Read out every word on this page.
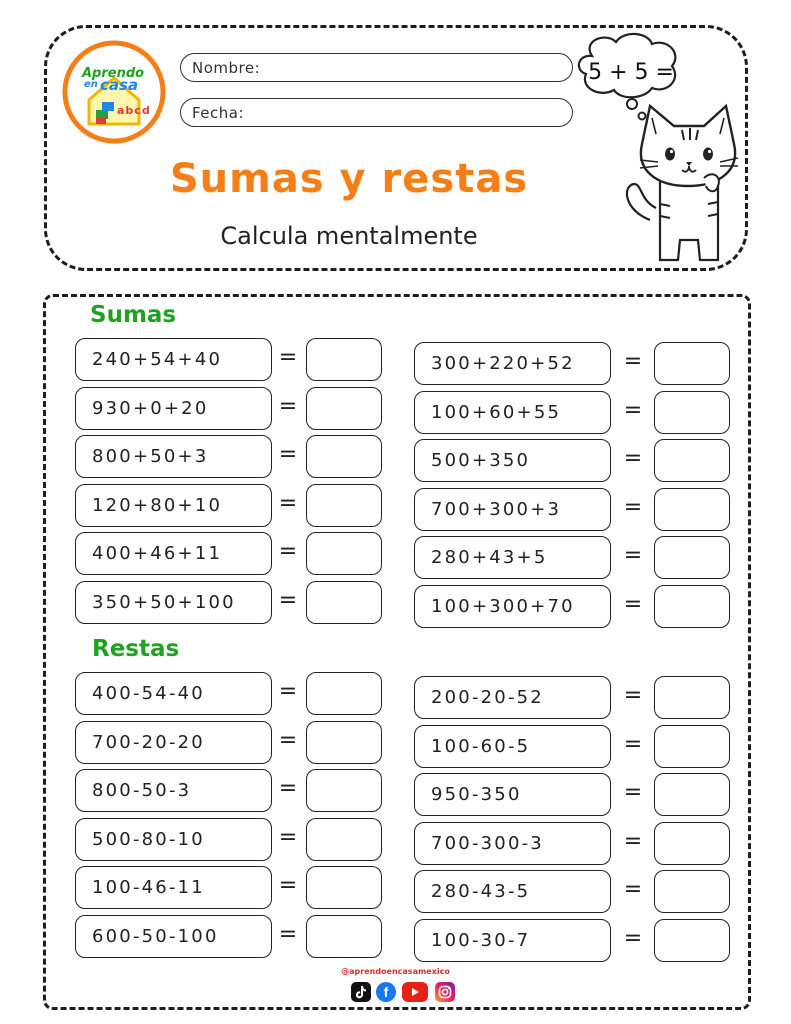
Aprendo
en casa
abcd
Nombre:
Fecha:
5 + 5 =
Sumas y restas
Calcula mentalmente
Sumas
Restas
240+54+40	=
930+0+20	=
800+50+3	=
120+80+10	=
400+46+11	=
350+50+100	=
300+220+52	=
100+60+55	=
500+350	=
700+300+3	=
280+43+5	=
100+300+70	=
400-54-40	=
700-20-20	=
800-50-3	=
500-80-10	=
100-46-11	=
600-50-100	=
200-20-52	=
100-60-5	=
950-350	=
700-300-3	=
280-43-5	=
100-30-7	=
@aprendoencasamexico
f
